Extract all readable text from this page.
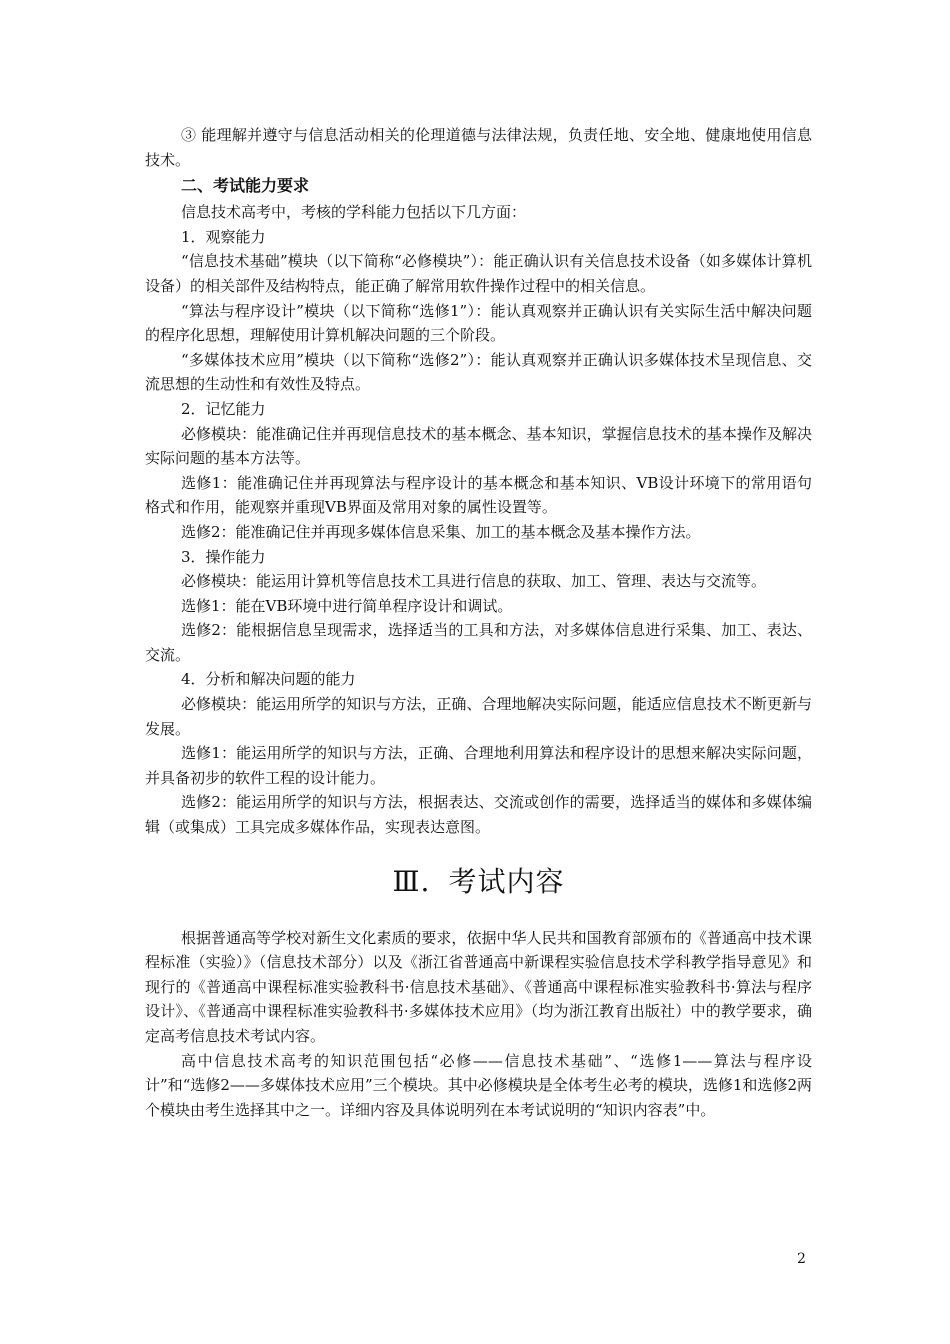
③ 能理解并遵守与信息活动相关的伦理道德与法律法规，负责任地、安全地、健康地使用信息技术。

二、考试能力要求

信息技术高考中，考核的学科能力包括以下几方面：

1．观察能力

“信息技术基础”模块（以下简称“必修模块”）：能正确认识有关信息技术设备（如多媒体计算机设备）的相关部件及结构特点，能正确了解常用软件操作过程中的相关信息。

“算法与程序设计”模块（以下简称“选修1”）：能认真观察并正确认识有关实际生活中解决问题的程序化思想，理解使用计算机解决问题的三个阶段。

“多媒体技术应用”模块（以下简称“选修2”）：能认真观察并正确认识多媒体技术呈现信息、交流思想的生动性和有效性及特点。

2．记忆能力

必修模块：能准确记住并再现信息技术的基本概念、基本知识，掌握信息技术的基本操作及解决实际问题的基本方法等。

选修1：能准确记住并再现算法与程序设计的基本概念和基本知识、VB设计环境下的常用语句格式和作用，能观察并重现VB界面及常用对象的属性设置等。

选修2：能准确记住并再现多媒体信息采集、加工的基本概念及基本操作方法。

3．操作能力

必修模块：能运用计算机等信息技术工具进行信息的获取、加工、管理、表达与交流等。

选修1：能在VB环境中进行简单程序设计和调试。

选修2：能根据信息呈现需求，选择适当的工具和方法，对多媒体信息进行采集、加工、表达、交流。

4．分析和解决问题的能力

必修模块：能运用所学的知识与方法，正确、合理地解决实际问题，能适应信息技术不断更新与发展。

选修1：能运用所学的知识与方法，正确、合理地利用算法和程序设计的思想来解决实际问题，并具备初步的软件工程的设计能力。

选修2：能运用所学的知识与方法，根据表达、交流或创作的需要，选择适当的媒体和多媒体编辑（或集成）工具完成多媒体作品，实现表达意图。

Ⅲ. 考试内容

根据普通高等学校对新生文化素质的要求，依据中华人民共和国教育部颁布的《普通高中技术课程标准（实验）》（信息技术部分）以及《浙江省普通高中新课程实验信息技术学科教学指导意见》和现行的《普通高中课程标准实验教科书·信息技术基础》、《普通高中课程标准实验教科书·算法与程序设计》、《普通高中课程标准实验教科书·多媒体技术应用》（均为浙江教育出版社）中的教学要求，确定高考信息技术考试内容。

高中信息技术高考的知识范围包括“必修——信息技术基础”、“选修1——算法与程序设计”和“选修2——多媒体技术应用”三个模块。其中必修模块是全体考生必考的模块，选修1和选修2两个模块由考生选择其中之一。详细内容及具体说明列在本考试说明的“知识内容表”中。

2
